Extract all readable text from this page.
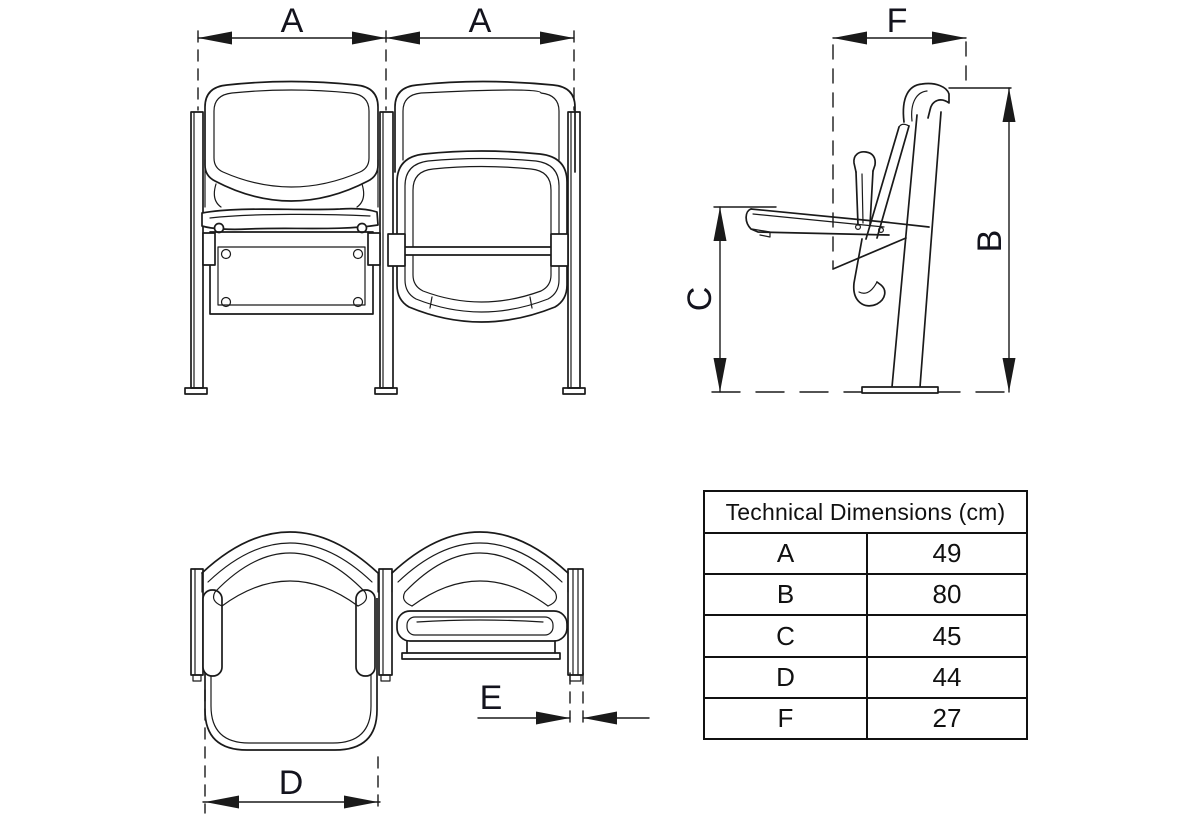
A	A	F
B
C
D
E
Technical Dimensions (cm)
A	49
B	80
C	45
D	44
F	27
